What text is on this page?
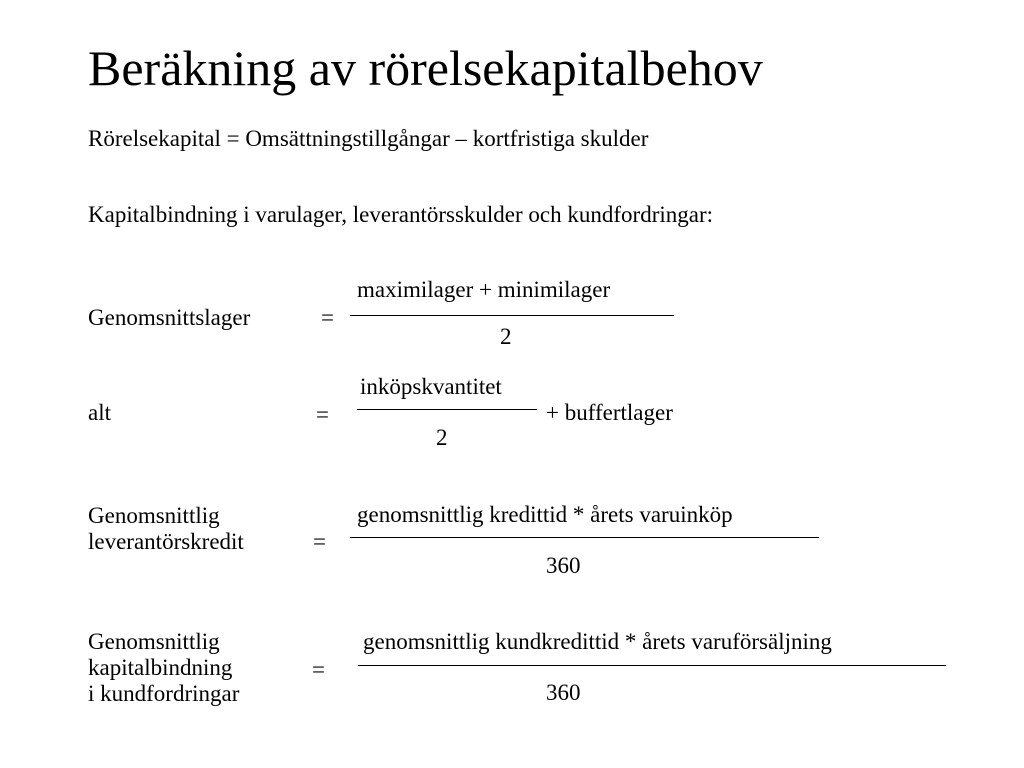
Beräkning av rörelsekapitalbehov
Rörelsekapital = Omsättningstillgångar – kortfristiga skulder
Kapitalbindning i varulager, leverantörsskulder och kundfordringar:
Genomsnittslager	=
maximilager + minimilager
2
alt	=
inköpskvantitet
2
+ buffertlager
Genomsnittlig
leverantörskredit	=
genomsnittlig kredittid * årets varuinköp
360
Genomsnittlig
kapitalbindning
i kundfordringar
=
genomsnittlig kundkredittid * årets varuförsäljning
360
